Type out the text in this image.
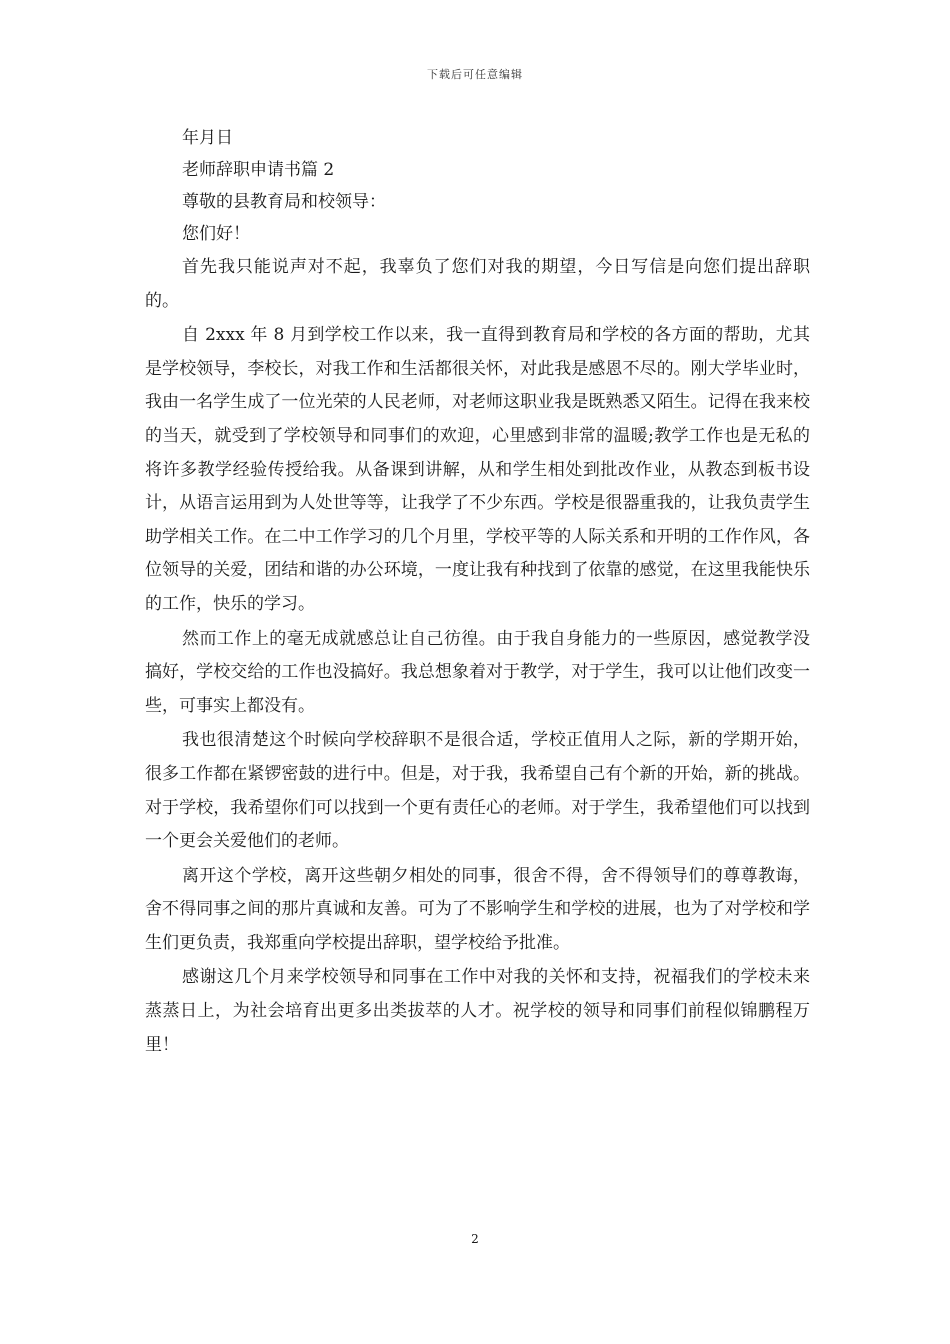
下载后可任意编辑

年月日

老师辞职申请书篇 2

尊敬的县教育局和校领导：

您们好！

首先我只能说声对不起，我辜负了您们对我的期望，今日写信是向您们提出辞职的。

自 2xxx 年 8 月到学校工作以来，我一直得到教育局和学校的各方面的帮助，尤其是学校领导，李校长，对我工作和生活都很关怀，对此我是感恩不尽的。刚大学毕业时，我由一名学生成了一位光荣的人民老师，对老师这职业我是既熟悉又陌生。记得在我来校的当天，就受到了学校领导和同事们的欢迎，心里感到非常的温暖;教学工作也是无私的将许多教学经验传授给我。从备课到讲解，从和学生相处到批改作业，从教态到板书设计，从语言运用到为人处世等等，让我学了不少东西。学校是很器重我的，让我负责学生助学相关工作。在二中工作学习的几个月里，学校平等的人际关系和开明的工作作风，各位领导的关爱，团结和谐的办公环境，一度让我有种找到了依靠的感觉，在这里我能快乐的工作，快乐的学习。

然而工作上的毫无成就感总让自己彷徨。由于我自身能力的一些原因，感觉教学没搞好，学校交给的工作也没搞好。我总想象着对于教学，对于学生，我可以让他们改变一些，可事实上都没有。

我也很清楚这个时候向学校辞职不是很合适，学校正值用人之际，新的学期开始，很多工作都在紧锣密鼓的进行中。但是，对于我，我希望自己有个新的开始，新的挑战。对于学校，我希望你们可以找到一个更有责任心的老师。对于学生，我希望他们可以找到一个更会关爱他们的老师。

离开这个学校，离开这些朝夕相处的同事，很舍不得，舍不得领导们的尊尊教诲，舍不得同事之间的那片真诚和友善。可为了不影响学生和学校的进展，也为了对学校和学生们更负责，我郑重向学校提出辞职，望学校给予批准。

感谢这几个月来学校领导和同事在工作中对我的关怀和支持，祝福我们的学校未来蒸蒸日上，为社会培育出更多出类拔萃的人才。祝学校的领导和同事们前程似锦鹏程万里！

2
